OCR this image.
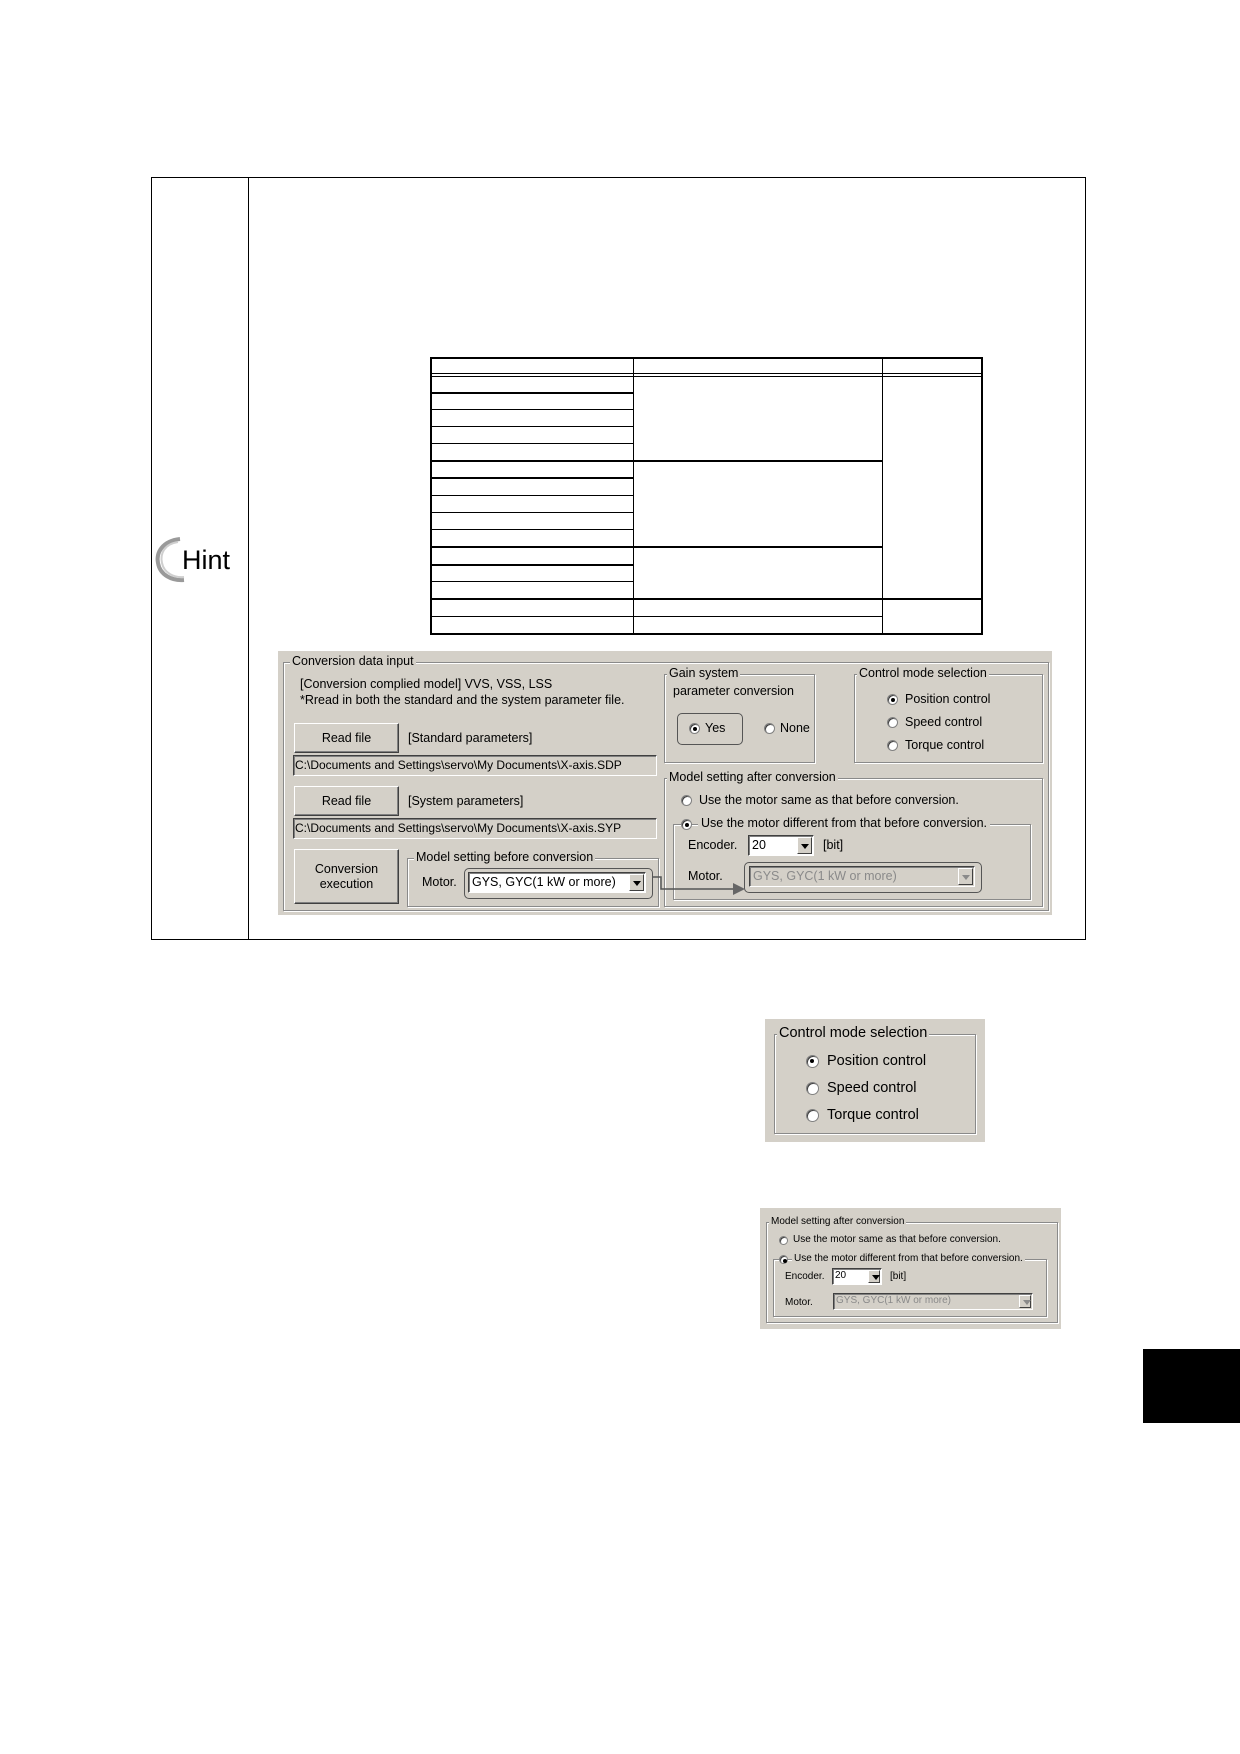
Hint
Conversion data input
[Conversion complied model] VVS, VSS, LSS
*Rread in both the standard and the system parameter file.
Read file	[Standard parameters]
C:\Documents and Settings\servo\My Documents\X-axis.SDP
Read file	[System parameters]
C:\Documents and Settings\servo\My Documents\X-axis.SYP
Conversion
execution
Model setting before conversion
Motor.	GYS, GYC(1 kW or more)
Gain system
parameter conversion
Yes	None
Control mode selection
Position control
Speed control
Torque control
Model setting after conversion
Use the motor same as that before conversion.
Use the motor different from that before conversion.
Encoder.	20	[bit]
Motor.	GYS, GYC(1 kW or more)
Control mode selection
Position control
Speed control
Torque control
Model setting after conversion
Use the motor same as that before conversion.
Use the motor different from that before conversion.
Encoder.	20	[bit]
Motor.	GYS, GYC(1 kW or more)
